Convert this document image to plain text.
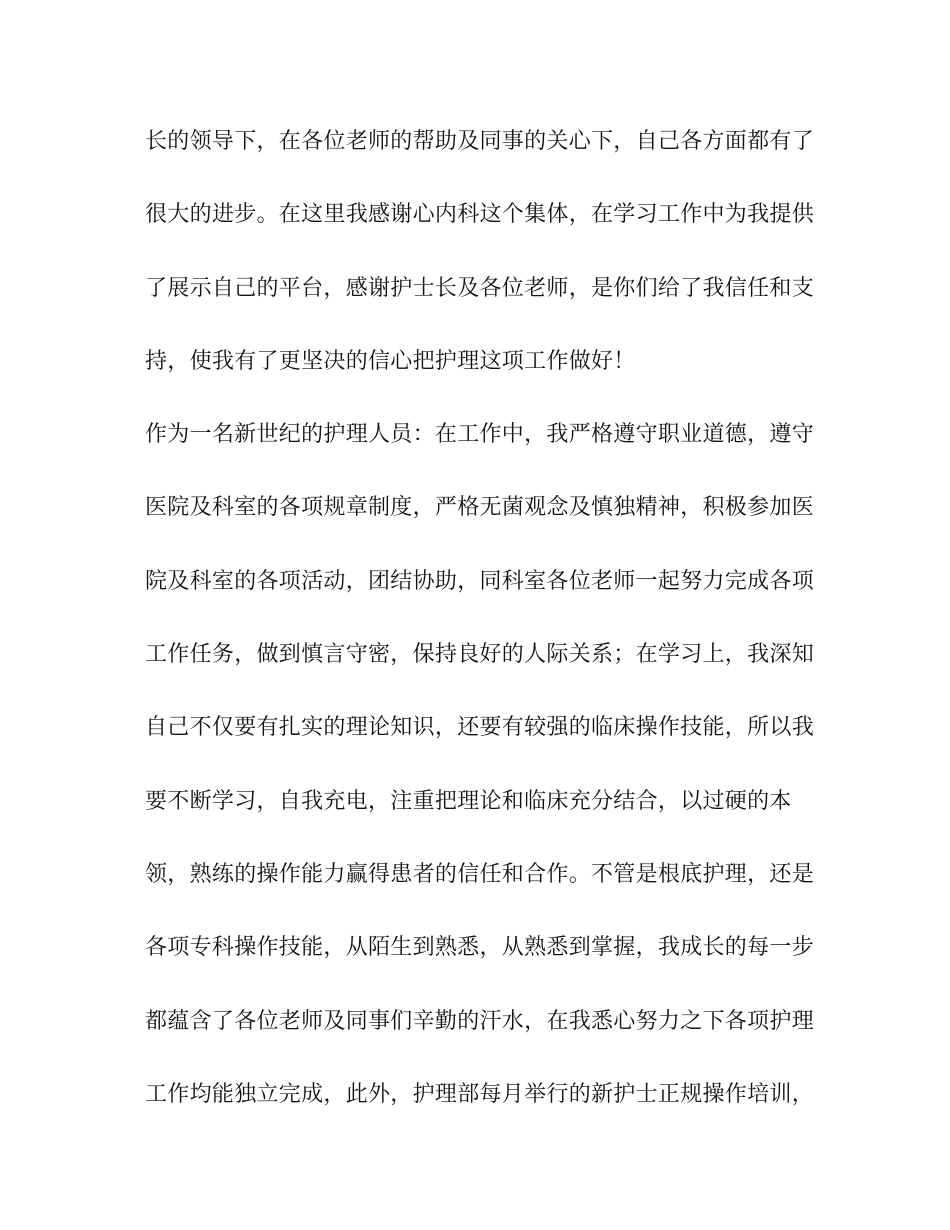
长的领导下，在各位老师的帮助及同事的关心下，自己各方面都有了
很大的进步。在这里我感谢心内科这个集体，在学习工作中为我提供
了展示自己的平台，感谢护士长及各位老师，是你们给了我信任和支
持，使我有了更坚决的信心把护理这项工作做好！
作为一名新世纪的护理人员：在工作中，我严格遵守职业道德，遵守
医院及科室的各项规章制度，严格无菌观念及慎独精神，积极参加医
院及科室的各项活动，团结协助，同科室各位老师一起努力完成各项
工作任务，做到慎言守密，保持良好的人际关系；在学习上，我深知
自己不仅要有扎实的理论知识，还要有较强的临床操作技能，所以我
要不断学习，自我充电，注重把理论和临床充分结合，以过硬的本
领，熟练的操作能力赢得患者的信任和合作。不管是根底护理，还是
各项专科操作技能，从陌生到熟悉，从熟悉到掌握，我成长的每一步
都蕴含了各位老师及同事们辛勤的汗水，在我悉心努力之下各项护理
工作均能独立完成，此外，护理部每月举行的新护士正规操作培训，
